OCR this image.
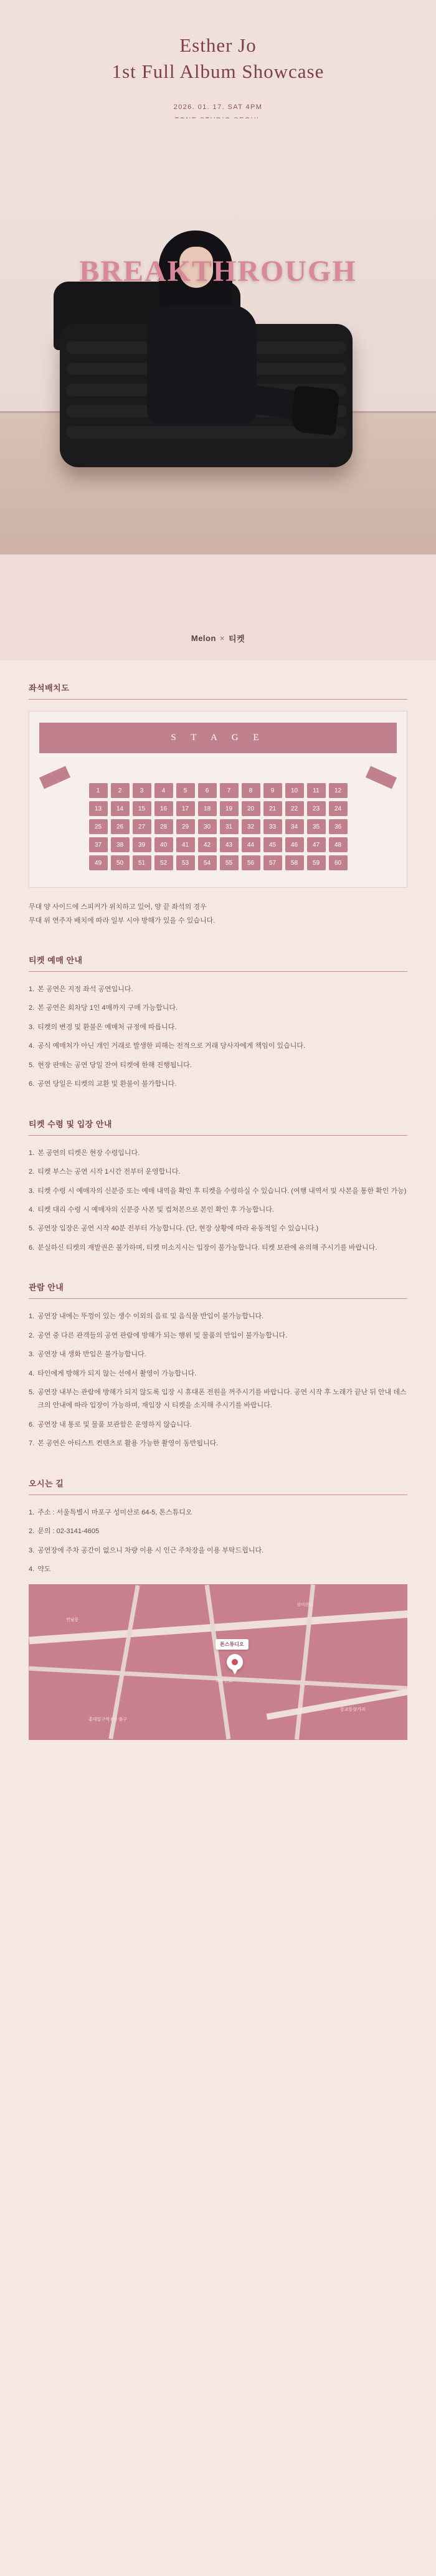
Esther Jo
1st Full Album Showcase
2026. 01. 17. SAT 4PM
BREAKTHROUGH
Melon × 티켓
좌석배치도
S T A G E
1	2	3	4	5	6	7	8	9	10	11	12
13	14	15	16	17	18	19	20	21	22	23	24
25	26	27	28	29	30	31	32	33	34	35	36
37	38	39	40	41	42	43	44	45	46	47	48
49	50	51	52	53	54	55	56	57	58	59	60
무대 양 사이드에 스피커가 위치하고 있어, 양 끝 좌석의 경우
무대 위 연주자 배치에 따라 일부 시야 방해가 있을 수 있습니다.
티켓 예매 안내
1. 본 공연은 지정 좌석 공연입니다.
2. 본 공연은 회차당 1인 4매까지 구매 가능합니다.
3. 티켓의 변경 및 환불은 예매처 규정에 따릅니다.
4. 공식 예매처가 아닌 개인 거래로 발생한 피해는 전적으로 거래 당사자에게 책임이 있습니다.
5. 현장 판매는 공연 당일 잔여 티켓에 한해 진행됩니다.
6. 공연 당일은 티켓의 교환 및 환불이 불가합니다.
티켓 수령 및 입장 안내
1. 본 공연의 티켓은 현장 수령입니다.
2. 티켓 부스는 공연 시작 1시간 전부터 운영합니다.
3. 티켓 수령 시 예매자의 신분증 또는 예매 내역을 확인 후 티켓을 수령하실 수 있습니다. (여행 내역서 및 사본을 통한 확인 가능)
4. 티켓 대리 수령 시 예매자의 신분증 사본 및 컵처본으로 본인 확인 후 가능합니다.
5. 공연장 입장은 공연 시작 40분 전부터 가능합니다. (단, 현장 상황에 따라 유동적일 수 있습니다.)
6. 분실하신 티켓의 재발권은 불가하며, 티켓 미소지시는 입장이 불가능합니다. 티켓 보관에 유의해 주시기를 바랍니다.
관람 안내
1. 공연장 내에는 뚜껑이 있는 생수 이외의 음료 및 음식물 반입이 불가능합니다.
2. 공연 중 다른 관객들의 공연 관람에 방해가 되는 행위 및 물품의 반입이 불가능합니다.
3. 공연장 내 생화 반입은 불가능합니다.
4. 타인에게 방해가 되지 않는 선에서 촬영이 가능합니다.
5. 공연장 내부는 관람에 방해가 되지 않도록 입장 시 휴대폰 전원을 꺼주시기를 바랍니다. 공연 시작 후 노래가 끝난 뒤 안내 데스크의 안내에 따라 입장이 가능하며, 재입장 시 티켓을 소지해 주시기를 바랍니다.
6. 공연장 내 통로 및 물품 보관함은 운영하지 않습니다.
7. 본 공연은 아티스트 컨텐츠로 활용 가능한 촬영이 동반됩니다.
오시는 길
1. 주소 : 서울특별시 마포구 성미산로 64-5, 톤스튜디오
2. 문의 : 02-3141-4605
3. 공연장에 주차 공간이 없으니 차량 이용 시 인근 주차장을 이용 부탁드립니다.
4. 약도
톤스튜디오
성미산로
연남동
와우산로
동교동삼거리
홍대입구역 6번 출구
